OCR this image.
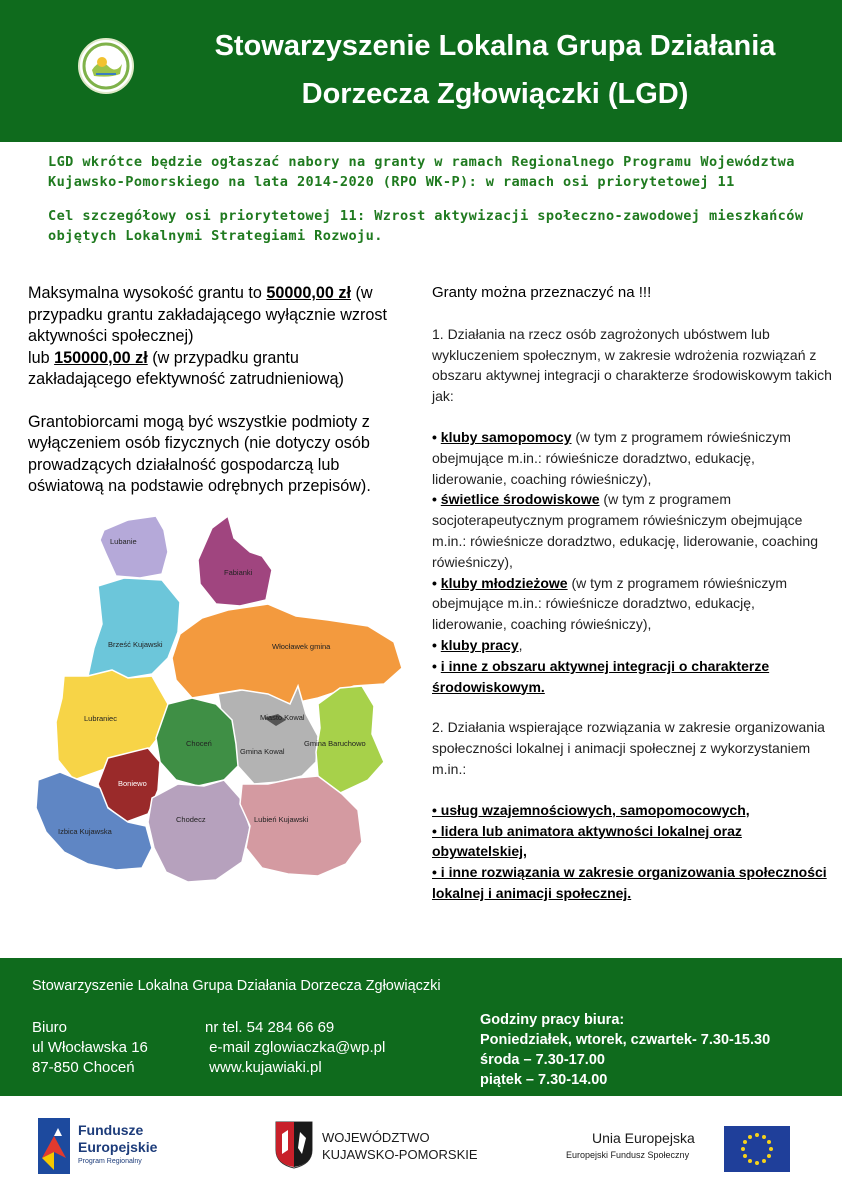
Stowarzyszenie Lokalna Grupa Działania
Dorzecza Zgłowiączki (LGD)

LGD wkrótce będzie ogłaszać nabory na granty w ramach Regionalnego Programu Województwa Kujawsko-Pomorskiego na lata 2014-2020 (RPO WK-P): w ramach osi priorytetowej 11

Cel szczegółowy osi priorytetowej 11: Wzrost aktywizacji społeczno-zawodowej mieszkańców objętych Lokalnymi Strategiami Rozwoju.

Maksymalna wysokość grantu to 50000,00 zł (w przypadku grantu zakładającego wyłącznie wzrost aktywności społecznej)
lub 150000,00 zł (w przypadku grantu zakładającego efektywność zatrudnieniową)

Grantobiorcami mogą być wszystkie podmioty z wyłączeniem osób fizycznych (nie dotyczy osób prowadzących działalność gospodarczą lub oświatową na podstawie odrębnych przepisów).

Lubanie
Fabianki
Brześć Kujawski	Włocławek gmina
Lubraniec	Miasto Kowal
Gmina Kowal
Gmina Baruchowo
Choceń
Boniewo
Izbica Kujawska
Chodecz	Lubień Kujawski

Granty można przeznaczyć na !!!

1. Działania na rzecz osób zagrożonych ubóstwem lub wykluczeniem społecznym, w zakresie wdrożenia rozwiązań z obszaru aktywnej integracji o charakterze środowiskowym takich jak:

• kluby samopomocy (w tym z programem rówieśniczym obejmujące m.in.: rówieśnicze doradztwo, edukację, liderowanie, coaching rówieśniczy),
• świetlice środowiskowe (w tym z programem socjoterapeutycznym programem rówieśniczym obejmujące m.in.: rówieśnicze doradztwo, edukację, liderowanie, coaching rówieśniczy),
• kluby młodzieżowe (w tym z programem rówieśniczym obejmujące m.in.: rówieśnicze doradztwo, edukację, liderowanie, coaching rówieśniczy),
• kluby pracy,
• i inne z obszaru aktywnej integracji o charakterze środowiskowym.

2. Działania wspierające rozwiązania w zakresie organizowania społeczności lokalnej i animacji społecznej z wykorzystaniem m.in.:

• usług wzajemnościowych, samopomocowych,
• lidera lub animatora aktywności lokalnej oraz obywatelskiej,
• i inne rozwiązania w zakresie organizowania społeczności lokalnej i animacji społecznej.
Stowarzyszenie Lokalna Grupa Działania Dorzecza Zgłowiączki
Biuro
ul Włocławska 16
87-850 Choceń
nr tel. 54 284 66 69
e-mail zglowiaczka@wp.pl
www.kujawiaki.pl
Godziny pracy biura:
Poniedziałek, wtorek, czwartek- 7.30-15.30
środa – 7.30-17.00
piątek – 7.30-14.00
Fundusze
Europejskie
Program Regionalny
WOJEWÓDZTWO
KUJAWSKO-POMORSKIE
Unia Europejska
Europejski Fundusz Społeczny
